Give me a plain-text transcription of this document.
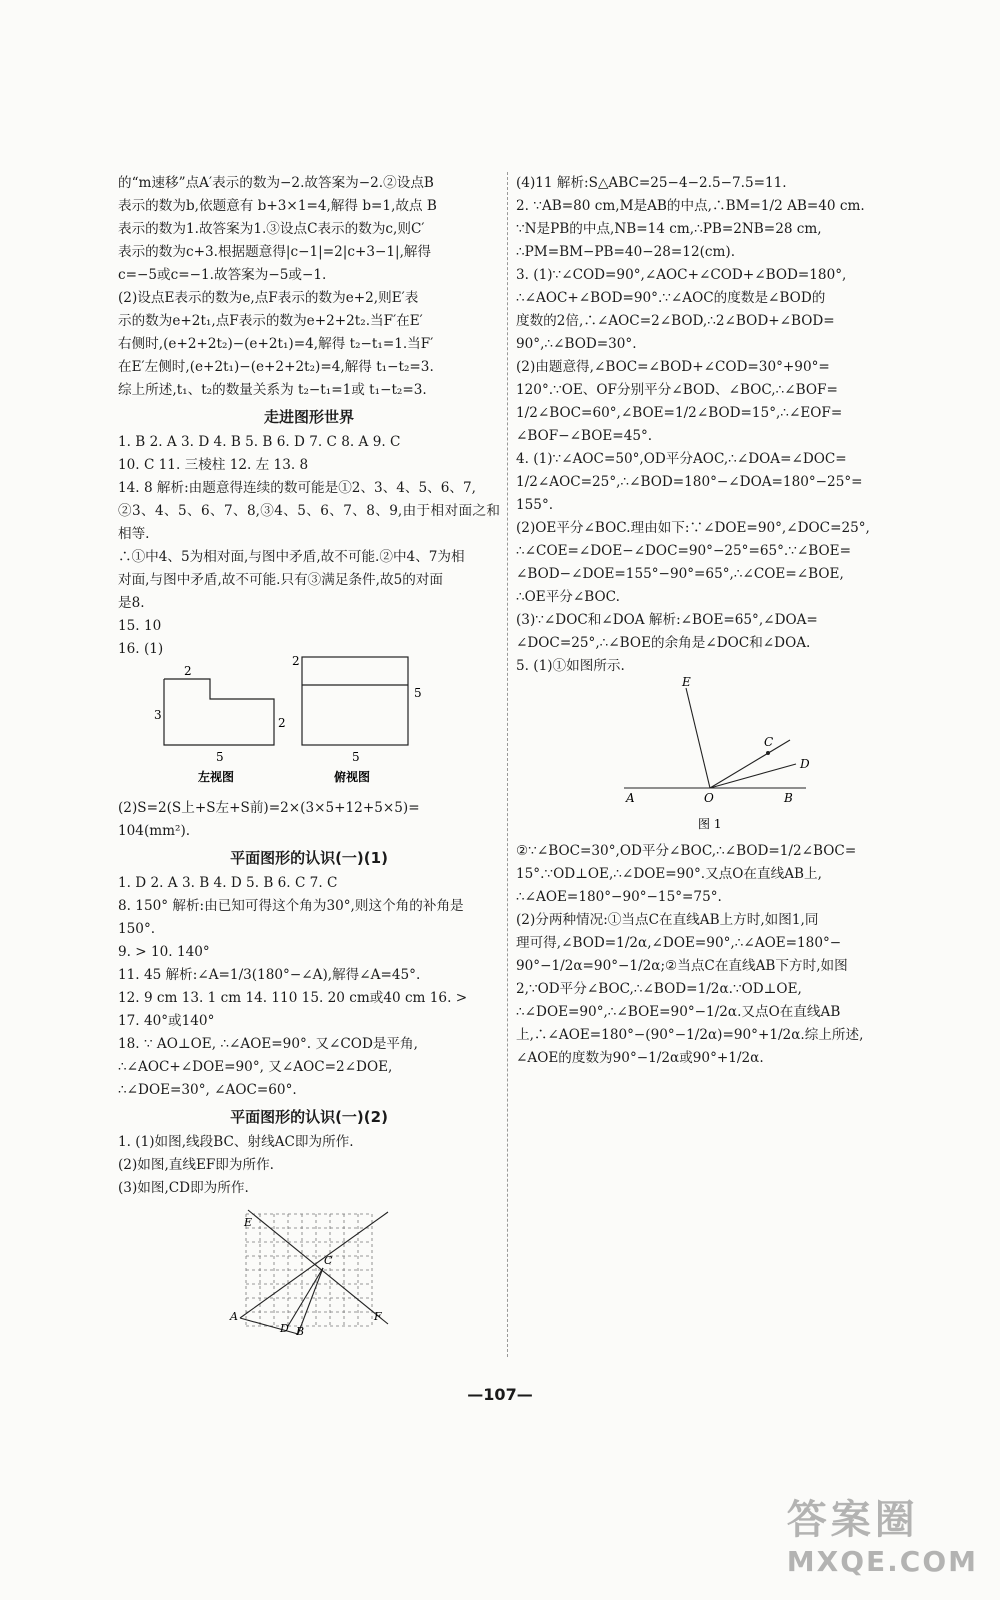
的“m速移”点A′表示的数为−2.故答案为−2.②设点B

表示的数为b,依题意有 b+3×1=4,解得 b=1,故点 B

表示的数为1.故答案为1.③设点C表示的数为c,则C′

表示的数为c+3.根据题意得|c−1|=2|c+3−1|,解得

c=−5或c=−1.故答案为−5或−1.

(2)设点E表示的数为e,点F表示的数为e+2,则E′表

示的数为e+2t₁,点F表示的数为e+2+2t₂.当F′在E′

右侧时,(e+2+2t₂)−(e+2t₁)=4,解得 t₂−t₁=1.当F′

在E′左侧时,(e+2t₁)−(e+2+2t₂)=4,解得 t₁−t₂=3.

综上所述,t₁、t₂的数量关系为 t₂−t₁=1或 t₁−t₂=3.

走进图形世界

1. B 2. A 3. D 4. B 5. B 6. D 7. C 8. A 9. C

10. C 11. 三棱柱 12. 左 13. 8

14. 8 解析:由题意得连续的数可能是①2、3、4、5、6、7,

②3、4、5、6、7、8,③4、5、6、7、8、9,由于相对面之和相等.

∴①中4、5为相对面,与图中矛盾,故不可能.②中4、7为相

对面,与图中矛盾,故不可能.只有③满足条件,故5的对面

是8.

15. 10

16. (1)

2
3
2
5
2
5
5
左视图	俯视图

(2)S=2(S上+S左+S前)=2×(3×5+12+5×5)=

104(mm²).

平面图形的认识(一)(1)

1. D 2. A 3. B 4. D 5. B 6. C 7. C

8. 150° 解析:由已知可得这个角为30°,则这个角的补角是

150°.

9. > 10. 140°

11. 45 解析:∠A=1/3(180°−∠A),解得∠A=45°.

12. 9 cm 13. 1 cm 14. 110 15. 20 cm或40 cm 16. >

17. 40°或140°

18. ∵ AO⊥OE, ∴∠AOE=90°. 又∠COD是平角,

∴∠AOC+∠DOE=90°, 又∠AOC=2∠DOE,

∴∠DOE=30°, ∠AOC=60°.

平面图形的认识(一)(2)

1. (1)如图,线段BC、射线AC即为所作.

(2)如图,直线EF即为所作.

(3)如图,CD即为所作.

E
C
F
A
D B

(4)11 解析:S△ABC=25−4−2.5−7.5=11.

2. ∵AB=80 cm,M是AB的中点,∴BM=1/2 AB=40 cm.

∵N是PB的中点,NB=14 cm,∴PB=2NB=28 cm,

∴PM=BM−PB=40−28=12(cm).

3. (1)∵∠COD=90°,∠AOC+∠COD+∠BOD=180°,

∴∠AOC+∠BOD=90°.∵∠AOC的度数是∠BOD的

度数的2倍,∴∠AOC=2∠BOD,∴2∠BOD+∠BOD=

90°,∴∠BOD=30°.

(2)由题意得,∠BOC=∠BOD+∠COD=30°+90°=

120°.∵OE、OF分别平分∠BOD、∠BOC,∴∠BOF=

1/2∠BOC=60°,∠BOE=1/2∠BOD=15°,∴∠EOF=

∠BOF−∠BOE=45°.

4. (1)∵∠AOC=50°,OD平分AOC,∴∠DOA=∠DOC=

1/2∠AOC=25°,∴∠BOD=180°−∠DOA=180°−25°=

155°.

(2)OE平分∠BOC.理由如下:∵∠DOE=90°,∠DOC=25°,

∴∠COE=∠DOE−∠DOC=90°−25°=65°.∵∠BOE=

∠BOD−∠DOE=155°−90°=65°,∴∠COE=∠BOE,

∴OE平分∠BOC.

(3)∵∠DOC和∠DOA 解析:∠BOE=65°,∠DOA=

∠DOC=25°,∴∠BOE的余角是∠DOC和∠DOA.

5. (1)①如图所示.

E
C
D
A	O	B
图 1

②∵∠BOC=30°,OD平分∠BOC,∴∠BOD=1/2∠BOC=

15°.∵OD⊥OE,∴∠DOE=90°.又点O在直线AB上,

∴∠AOE=180°−90°−15°=75°.

(2)分两种情况:①当点C在直线AB上方时,如图1,同

理可得,∠BOD=1/2α,∠DOE=90°,∴∠AOE=180°−

90°−1/2α=90°−1/2α;②当点C在直线AB下方时,如图

2,∵OD平分∠BOC,∴∠BOD=1/2α.∵OD⊥OE,

∴∠DOE=90°,∴∠BOE=90°−1/2α.又点O在直线AB

上,∴∠AOE=180°−(90°−1/2α)=90°+1/2α.综上所述,

∠AOE的度数为90°−1/2α或90°+1/2α.

—107—
答案圈
MXQE.COM
